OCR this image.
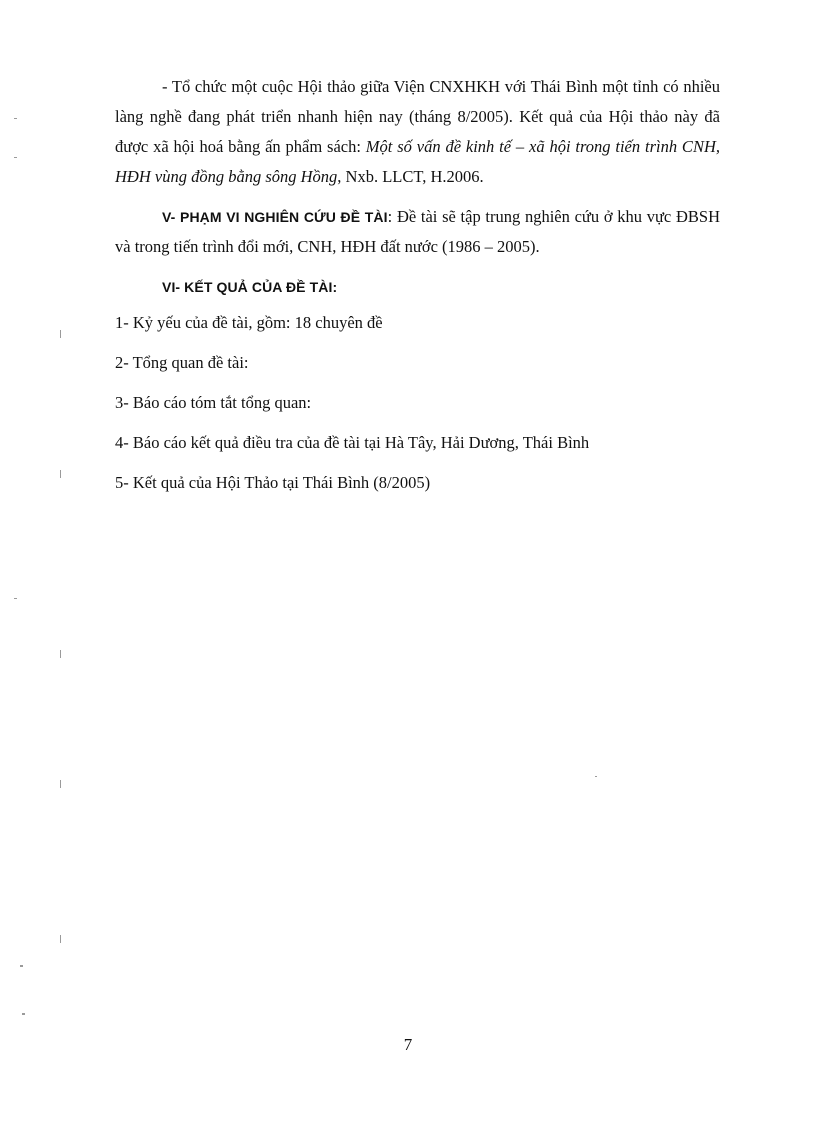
- Tổ chức một cuộc Hội thảo giữa Viện CNXHKH với Thái Bình một tỉnh có nhiều làng nghề đang phát triển nhanh hiện nay (tháng 8/2005). Kết quả của Hội thảo này đã được xã hội hoá bằng ấn phẩm sách: Một số vấn đề kinh tế – xã hội trong tiến trình CNH, HĐH vùng đồng bằng sông Hồng, Nxb. LLCT, H.2006.

V- PHẠM VI NGHIÊN CỨU ĐỀ TÀI: Đề tài sẽ tập trung nghiên cứu ở khu vực ĐBSH và trong tiến trình đổi mới, CNH, HĐH đất nước (1986 – 2005).

VI- KẾT QUẢ CỦA ĐỀ TÀI:

1- Kỷ yếu của đề tài, gồm: 18 chuyên đề
2- Tổng quan đề tài:
3- Báo cáo tóm tắt tổng quan:
4- Báo cáo kết quả điều tra của đề tài tại Hà Tây, Hải Dương, Thái Bình
5- Kết quả của Hội Thảo tại Thái Bình (8/2005)
7
